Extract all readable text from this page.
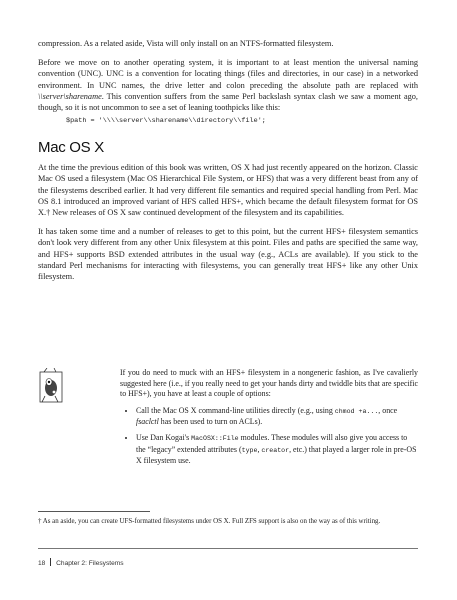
compression. As a related aside, Vista will only install on an NTFS-formatted filesystem.

Before we move on to another operating system, it is important to at least mention the universal naming convention (UNC). UNC is a convention for locating things (files and directories, in our case) in a networked environment. In UNC names, the drive letter and colon preceding the absolute path are replaced with \\server\sharename. This convention suffers from the same Perl backslash syntax clash we saw a moment ago, though, so it is not uncommon to see a set of leaning toothpicks like this:

$path = '\\\\server\\sharename\\directory\\file';
Mac OS X

At the time the previous edition of this book was written, OS X had just recently appeared on the horizon. Classic Mac OS used a filesystem (Mac OS Hierarchical File System, or HFS) that was a very different beast from any of the filesystems described earlier. It had very different file semantics and required special handling from Perl. Mac OS 8.1 introduced an improved variant of HFS called HFS+, which became the default filesystem format for OS X.† New releases of OS X saw continued development of the filesystem and its capabilities.

It has taken some time and a number of releases to get to this point, but the current HFS+ filesystem semantics don't look very different from any other Unix filesystem at this point. Files and paths are specified the same way, and HFS+ supports BSD extended attributes in the usual way (e.g., ACLs are available). If you stick to the standard Perl mechanisms for interacting with filesystems, you can generally treat HFS+ like any other Unix filesystem.

If you do need to muck with an HFS+ filesystem in a nongeneric fashion, as I've cavalierly suggested here (i.e., if you really need to get your hands dirty and twiddle bits that are specific to HFS+), you have at least a couple of options:

• Call the Mac OS X command-line utilities directly (e.g., using chmod +a..., once fsaclctl has been used to turn on ACLs).
• Use Dan Kogai's MacOSX::File modules. These modules will also give you access to the “legacy” extended attributes (type, creator, etc.) that played a larger role in pre-OS X filesystem use.

† As an aside, you can create UFS-formatted filesystems under OS X. Full ZFS support is also on the way as of this writing.

18 Chapter 2: Filesystems
